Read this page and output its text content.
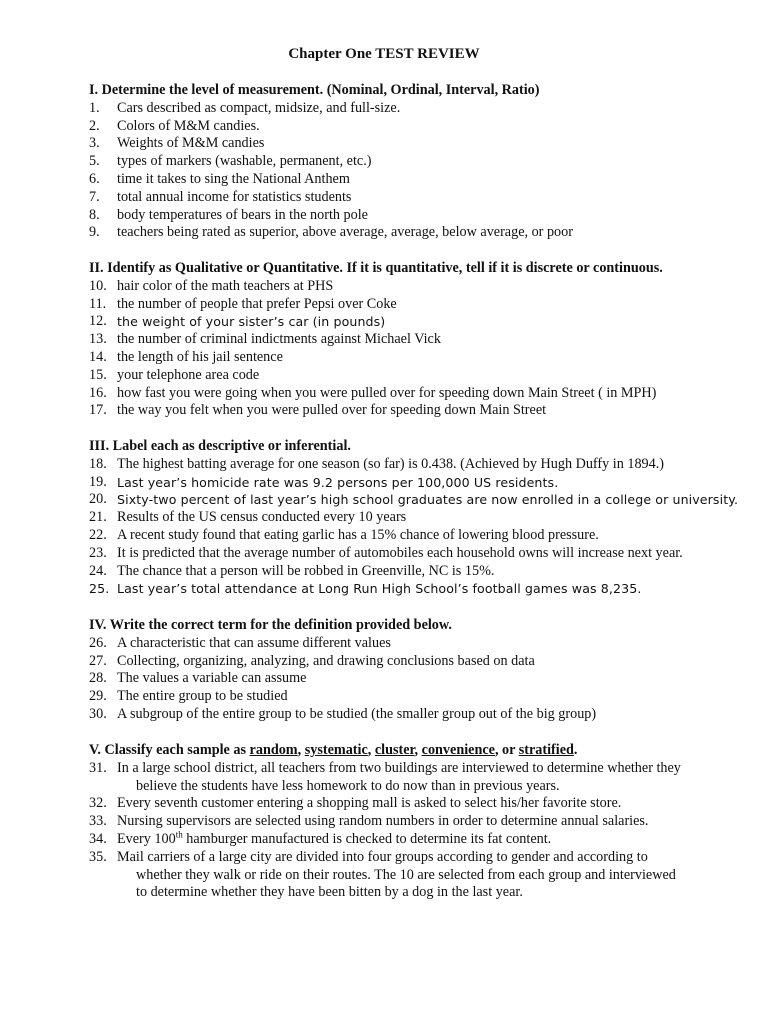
Chapter One TEST REVIEW
I. Determine the level of measurement. (Nominal, Ordinal, Interval, Ratio)
1.	Cars described as compact, midsize, and full-size.
2.	Colors of M&M candies.
3.	Weights of M&M candies
5.	types of markers (washable, permanent, etc.)
6.	time it takes to sing the National Anthem
7.	total annual income for statistics students
8.	body temperatures of bears in the north pole
9.	teachers being rated as superior, above average, average, below average, or poor
II. Identify as Qualitative or Quantitative. If it is quantitative, tell if it is discrete or continuous.
10. hair color of the math teachers at PHS
11. the number of people that prefer Pepsi over Coke
12. the weight of your sister’s car (in pounds)
13. the number of criminal indictments against Michael Vick
14. the length of his jail sentence
15. your telephone area code
16. how fast you were going when you were pulled over for speeding down Main Street ( in MPH)
17. the way you felt when you were pulled over for speeding down Main Street
III. Label each as descriptive or inferential.
18. The highest batting average for one season (so far) is 0.438. (Achieved by Hugh Duffy in 1894.)
19. Last year’s homicide rate was 9.2 persons per 100,000 US residents.
20. Sixty-two percent of last year’s high school graduates are now enrolled in a college or university.
21. Results of the US census conducted every 10 years
22. A recent study found that eating garlic has a 15% chance of lowering blood pressure.
23. It is predicted that the average number of automobiles each household owns will increase next year.
24. The chance that a person will be robbed in Greenville, NC is 15%.
25. Last year’s total attendance at Long Run High School’s football games was 8,235.
IV. Write the correct term for the definition provided below.
26. A characteristic that can assume different values
27. Collecting, organizing, analyzing, and drawing conclusions based on data
28. The values a variable can assume
29. The entire group to be studied
30. A subgroup of the entire group to be studied (the smaller group out of the big group)
V. Classify each sample as random, systematic, cluster, convenience, or stratified.
31. In a large school district, all teachers from two buildings are interviewed to determine whether they
believe the students have less homework to do now than in previous years.
32. Every seventh customer entering a shopping mall is asked to select his/her favorite store.
33. Nursing supervisors are selected using random numbers in order to determine annual salaries.
34. Every 100th hamburger manufactured is checked to determine its fat content.
35. Mail carriers of a large city are divided into four groups according to gender and according to
whether they walk or ride on their routes. The 10 are selected from each group and interviewed
to determine whether they have been bitten by a dog in the last year.
